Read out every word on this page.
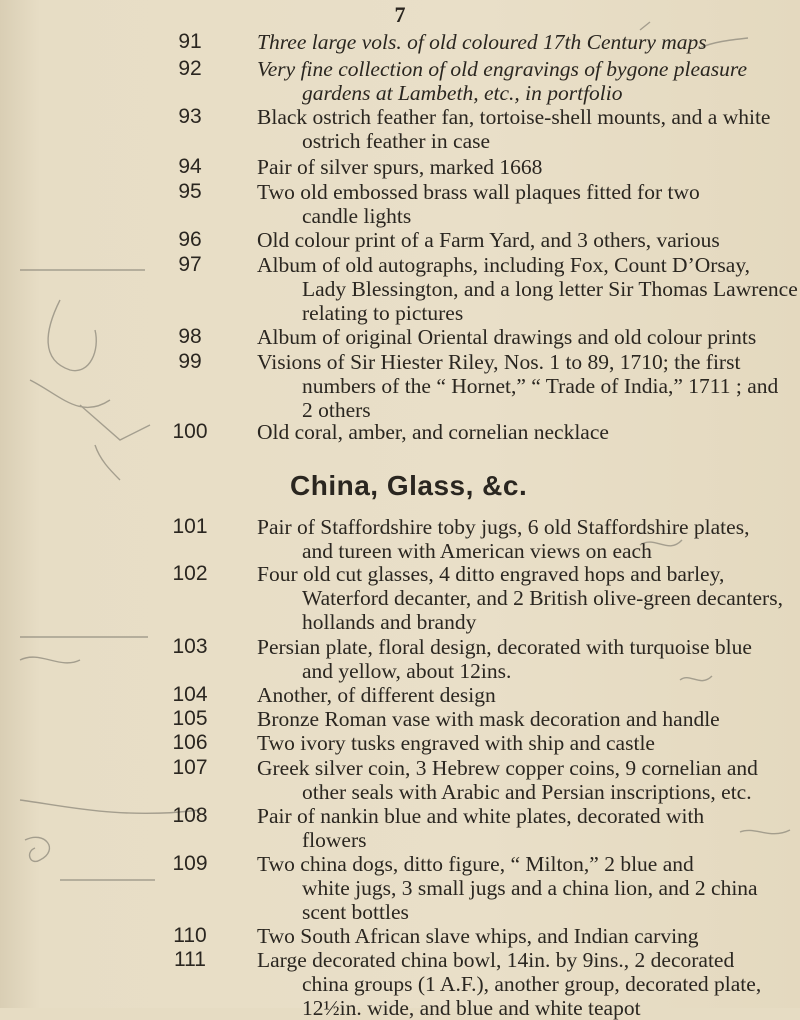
7
91	Three large vols. of old coloured 17th Century maps
92	Very fine collection of old engravings of bygone pleasure
gardens at Lambeth, etc., in portfolio
93	Black ostrich feather fan, tortoise-shell mounts, and a white
ostrich feather in case
94	Pair of silver spurs, marked 1668
95	Two old embossed brass wall plaques fitted for two
candle lights
96	Old colour print of a Farm Yard, and 3 others, various
97	Album of old autographs, including Fox, Count D’Orsay,
Lady Blessington, and a long letter Sir Thomas Lawrence
relating to pictures
98	Album of original Oriental drawings and old colour prints
99	Visions of Sir Hiester Riley, Nos. 1 to 89, 1710; the first
numbers of the “ Hornet,” “ Trade of India,” 1711 ; and
2 others
100	Old coral, amber, and cornelian necklace
101	Pair of Staffordshire toby jugs, 6 old Staffordshire plates,
and tureen with American views on each
102	Four old cut glasses, 4 ditto engraved hops and barley,
Waterford decanter, and 2 British olive-green decanters,
hollands and brandy
103	Persian plate, floral design, decorated with turquoise blue
and yellow, about 12ins.
104	Another, of different design
105	Bronze Roman vase with mask decoration and handle
106	Two ivory tusks engraved with ship and castle
107	Greek silver coin, 3 Hebrew copper coins, 9 cornelian and
other seals with Arabic and Persian inscriptions, etc.
108	Pair of nankin blue and white plates, decorated with
flowers
109	Two china dogs, ditto figure, “ Milton,” 2 blue and
white jugs, 3 small jugs and a china lion, and 2 china
scent bottles
110	Two South African slave whips, and Indian carving
111	Large decorated china bowl, 14in. by 9ins., 2 decorated
china groups (1 A.F.), another group, decorated plate,
12½in. wide, and blue and white teapot
China, Glass, &c.
